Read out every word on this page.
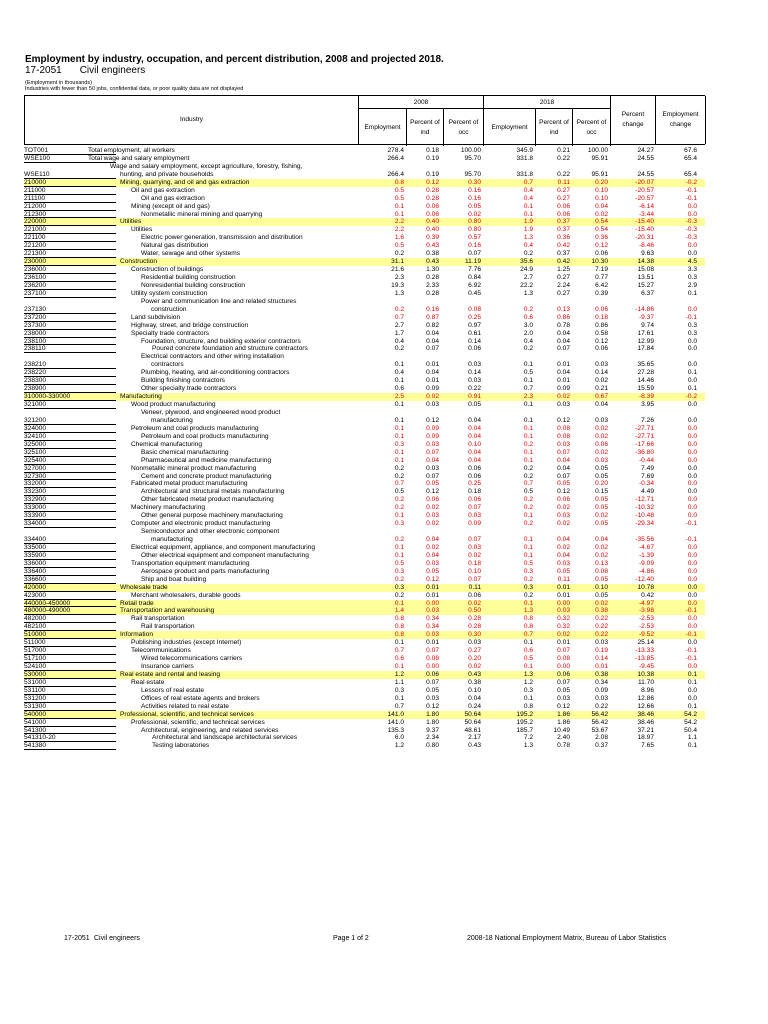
Employment by industry, occupation, and percent distribution, 2008 and projected 2018.
17-2051 Civil engineers
(Employment in thousands)
Industries with fewer than 50 jobs, confidential data, or poor quality data are not displayed
Industry
2008
Employment
Percent of ind
Percent of occ
2018
Employment
Percent of ind
Percent of occ
Percent change
Employment change
TOT001	Total employment, all workers	278.4	0.18	100.00	345.9	0.21	100.00	24.27	67.6
WSE100	Total wage and salary employment	266.4	0.19	95.70	331.8	0.22	95.91	24.55	65.4
WSE110
Wage and salary employment, except agriculture, forestry, fishing,
hunting, and private households	266.4	0.19	95.70	331.8	0.22	95.91	24.55	65.4
210000	Mining, quarrying, and oil and gas extraction	0.8	0.12	0.30	0.7	0.11	0.20	-20.07	-0.2
211000	Oil and gas extraction	0.5	0.28	0.16	0.4	0.27	0.10	-20.57	-0.1
211100	Oil and gas extraction	0.5	0.28	0.16	0.4	0.27	0.10	-20.57	-0.1
212000	Mining (except oil and gas)	0.1	0.06	0.05	0.1	0.06	0.04	-6.14	0.0
212300	Nonmetallic mineral mining and quarrying	0.1	0.06	0.02	0.1	0.06	0.02	-3.44	0.0
220000	Utilities	2.2	0.40	0.80	1.9	0.37	0.54	-15.40	-0.3
221000	Utilities	2.2	0.40	0.80	1.9	0.37	0.54	-15.40	-0.3
221100	Electric power generation, transmission and distribution	1.6	0.39	0.57	1.3	0.36	0.36	-20.31	-0.3
221200	Natural gas distribution	0.5	0.43	0.16	0.4	0.42	0.12	-8.46	0.0
221300	Water, sewage and other systems	0.2	0.38	0.07	0.2	0.37	0.06	9.63	0.0
230000	Construction	31.1	0.43	11.19	35.6	0.42	10.30	14.38	4.5
236000	Construction of buildings	21.6	1.30	7.76	24.9	1.25	7.19	15.08	3.3
236100	Residential building construction	2.3	0.28	0.84	2.7	0.27	0.77	13.51	0.3
236200	Nonresidential building construction	19.3	2.33	6.92	22.2	2.24	6.42	15.27	2.9
237100	Utility system construction	1.3	0.28	0.45	1.3	0.27	0.39	6.37	0.1
237130
Power and communication line and related structures
construction	0.2	0.16	0.08	0.2	0.13	0.06	-14.86	0.0
237200	Land subdivision	0.7	0.87	0.25	0.6	0.86	0.18	-9.37	-0.1
237300	Highway, street, and bridge construction	2.7	0.82	0.97	3.0	0.78	0.86	9.74	0.3
238000	Specialty trade contractors	1.7	0.04	0.61	2.0	0.04	0.58	17.61	0.3
238100	Foundation, structure, and building exterior contractors	0.4	0.04	0.14	0.4	0.04	0.12	12.99	0.0
238110	Poured concrete foundation and structure contractors	0.2	0.07	0.06	0.2	0.07	0.06	17.84	0.0
238210
Electrical contractors and other wiring installation
contractors	0.1	0.01	0.03	0.1	0.01	0.03	35.65	0.0
238220	Plumbing, heating, and air-conditioning contractors	0.4	0.04	0.14	0.5	0.04	0.14	27.28	0.1
238300	Building finishing contractors	0.1	0.01	0.03	0.1	0.01	0.02	14.46	0.0
238900	Other specialty trade contractors	0.6	0.09	0.22	0.7	0.09	0.21	15.59	0.1
310000-330000	Manufacturing	2.5	0.02	0.91	2.3	0.02	0.67	-8.39	-0.2
321000	Wood product manufacturing	0.1	0.03	0.05	0.1	0.03	0.04	3.95	0.0
321200
Veneer, plywood, and engineered wood product
manufacturing	0.1	0.12	0.04	0.1	0.12	0.03	7.26	0.0
324000	Petroleum and coal products manufacturing	0.1	0.09	0.04	0.1	0.08	0.02	-27.71	0.0
324100	Petroleum and coal products manufacturing	0.1	0.09	0.04	0.1	0.08	0.02	-27.71	0.0
325000	Chemical manufacturing	0.3	0.03	0.10	0.2	0.03	0.06	-17.66	0.0
325100	Basic chemical manufacturing	0.1	0.07	0.04	0.1	0.07	0.02	-36.80	0.0
325400	Pharmaceutical and medicine manufacturing	0.1	0.04	0.04	0.1	0.04	0.03	-0.44	0.0
327000	Nonmetallic mineral product manufacturing	0.2	0.03	0.06	0.2	0.04	0.05	7.49	0.0
327300	Cement and concrete product manufacturing	0.2	0.07	0.06	0.2	0.07	0.05	7.69	0.0
332000	Fabricated metal product manufacturing	0.7	0.05	0.25	0.7	0.05	0.20	-0.34	0.0
332300	Architectural and structural metals manufacturing	0.5	0.12	0.18	0.5	0.12	0.15	4.49	0.0
332900	Other fabricated metal product manufacturing	0.2	0.06	0.06	0.2	0.06	0.05	-12.71	0.0
333000	Machinery manufacturing	0.2	0.02	0.07	0.2	0.02	0.05	-10.32	0.0
333900	Other general purpose machinery manufacturing	0.1	0.03	0.03	0.1	0.03	0.02	-10.48	0.0
334000	Computer and electronic product manufacturing	0.3	0.02	0.09	0.2	0.02	0.05	-29.34	-0.1
334400
Semiconductor and other electronic component
manufacturing	0.2	0.04	0.07	0.1	0.04	0.04	-35.56	-0.1
335000	Electrical equipment, appliance, and component manufacturing	0.1	0.02	0.03	0.1	0.02	0.02	-4.67	0.0
335900	Other electrical equipment and component manufacturing	0.1	0.04	0.02	0.1	0.04	0.02	-1.39	0.0
336000	Transportation equipment manufacturing	0.5	0.03	0.18	0.5	0.03	0.13	-9.09	0.0
336400	Aerospace product and parts manufacturing	0.3	0.05	0.10	0.3	0.05	0.08	-4.86	0.0
336600	Ship and boat building	0.2	0.12	0.07	0.2	0.11	0.05	-12.40	0.0
420000	Wholesale trade	0.3	0.01	0.11	0.3	0.01	0.10	10.78	0.0
423000	Merchant wholesalers, durable goods	0.2	0.01	0.06	0.2	0.01	0.05	0.42	0.0
440000-450000	Retail trade	0.1	0.00	0.02	0.1	0.00	0.02	-4.97	0.0
480000-490000	Transportation and warehousing	1.4	0.03	0.50	1.3	0.03	0.38	-3.98	-0.1
482000	Rail transportation	0.8	0.34	0.28	0.8	0.32	0.22	-2.53	0.0
482100	Rail transportation	0.8	0.34	0.28	0.8	0.32	0.22	-2.53	0.0
510000	Information	0.8	0.03	0.30	0.7	0.02	0.22	-9.52	-0.1
511000	Publishing industries (except Internet)	0.1	0.01	0.03	0.1	0.01	0.03	25.14	0.0
517000	Telecommunications	0.7	0.07	0.27	0.6	0.07	0.19	-13.33	-0.1
517100	Wired telecommunications carriers	0.6	0.08	0.20	0.5	0.08	0.14	-13.85	-0.1
524100	Insurance carriers	0.1	0.00	0.02	0.1	0.00	0.01	-9.45	0.0
530000	Real estate and rental and leasing	1.2	0.06	0.43	1.3	0.06	0.38	10.38	0.1
531000	Real estate	1.1	0.07	0.38	1.2	0.07	0.34	11.70	0.1
531100	Lessors of real estate	0.3	0.05	0.10	0.3	0.05	0.09	8.96	0.0
531200	Offices of real estate agents and brokers	0.1	0.03	0.04	0.1	0.03	0.03	12.86	0.0
531300	Activities related to real estate	0.7	0.12	0.24	0.8	0.12	0.22	12.66	0.1
540000	Professional, scientific, and technical services	141.0	1.80	50.64	195.2	1.86	56.42	38.46	54.2
541000	Professional, scientific, and technical services	141.0	1.80	50.64	195.2	1.86	56.42	38.46	54.2
541300	Architectural, engineering, and related services	135.3	9.37	48.61	185.7	10.49	53.67	37.21	50.4
541310-20	Architectural and landscape architectural services	6.0	2.34	2.17	7.2	2.40	2.08	18.97	1.1
541380	Testing laboratories	1.2	0.80	0.43	1.3	0.78	0.37	7.65	0.1
17-2051 Civil engineers	Page 1 of 2	2008-18 National Employment Matrix, Bureau of Labor Statistics
